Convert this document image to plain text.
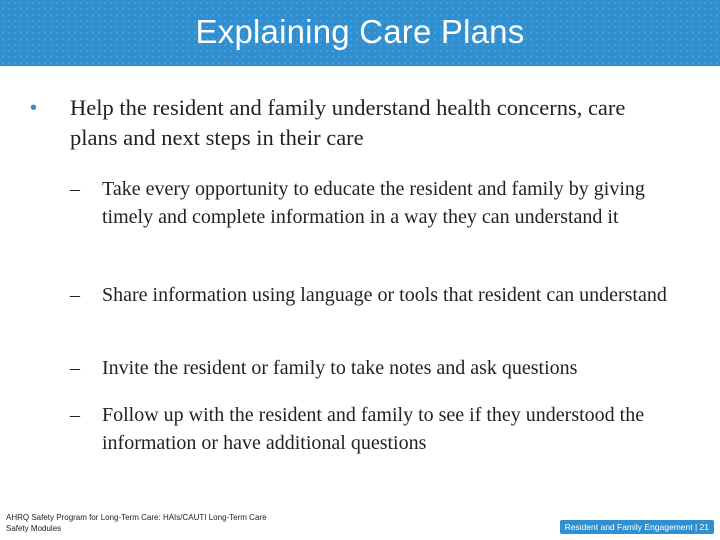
Explaining Care Plans
• Help the resident and family understand health concerns, care plans and next steps in their care
– Take every opportunity to educate the resident and family by giving timely and complete information in a way they can understand it
– Share information using language or tools that resident can understand
– Invite the resident or family to take notes and ask questions
– Follow up with the resident and family to see if they understood the information or have additional questions
AHRQ Safety Program for Long-Term Care: HAIs/CAUTI Long-Term Care Safety Modules	Resident and Family Engagement | 21
